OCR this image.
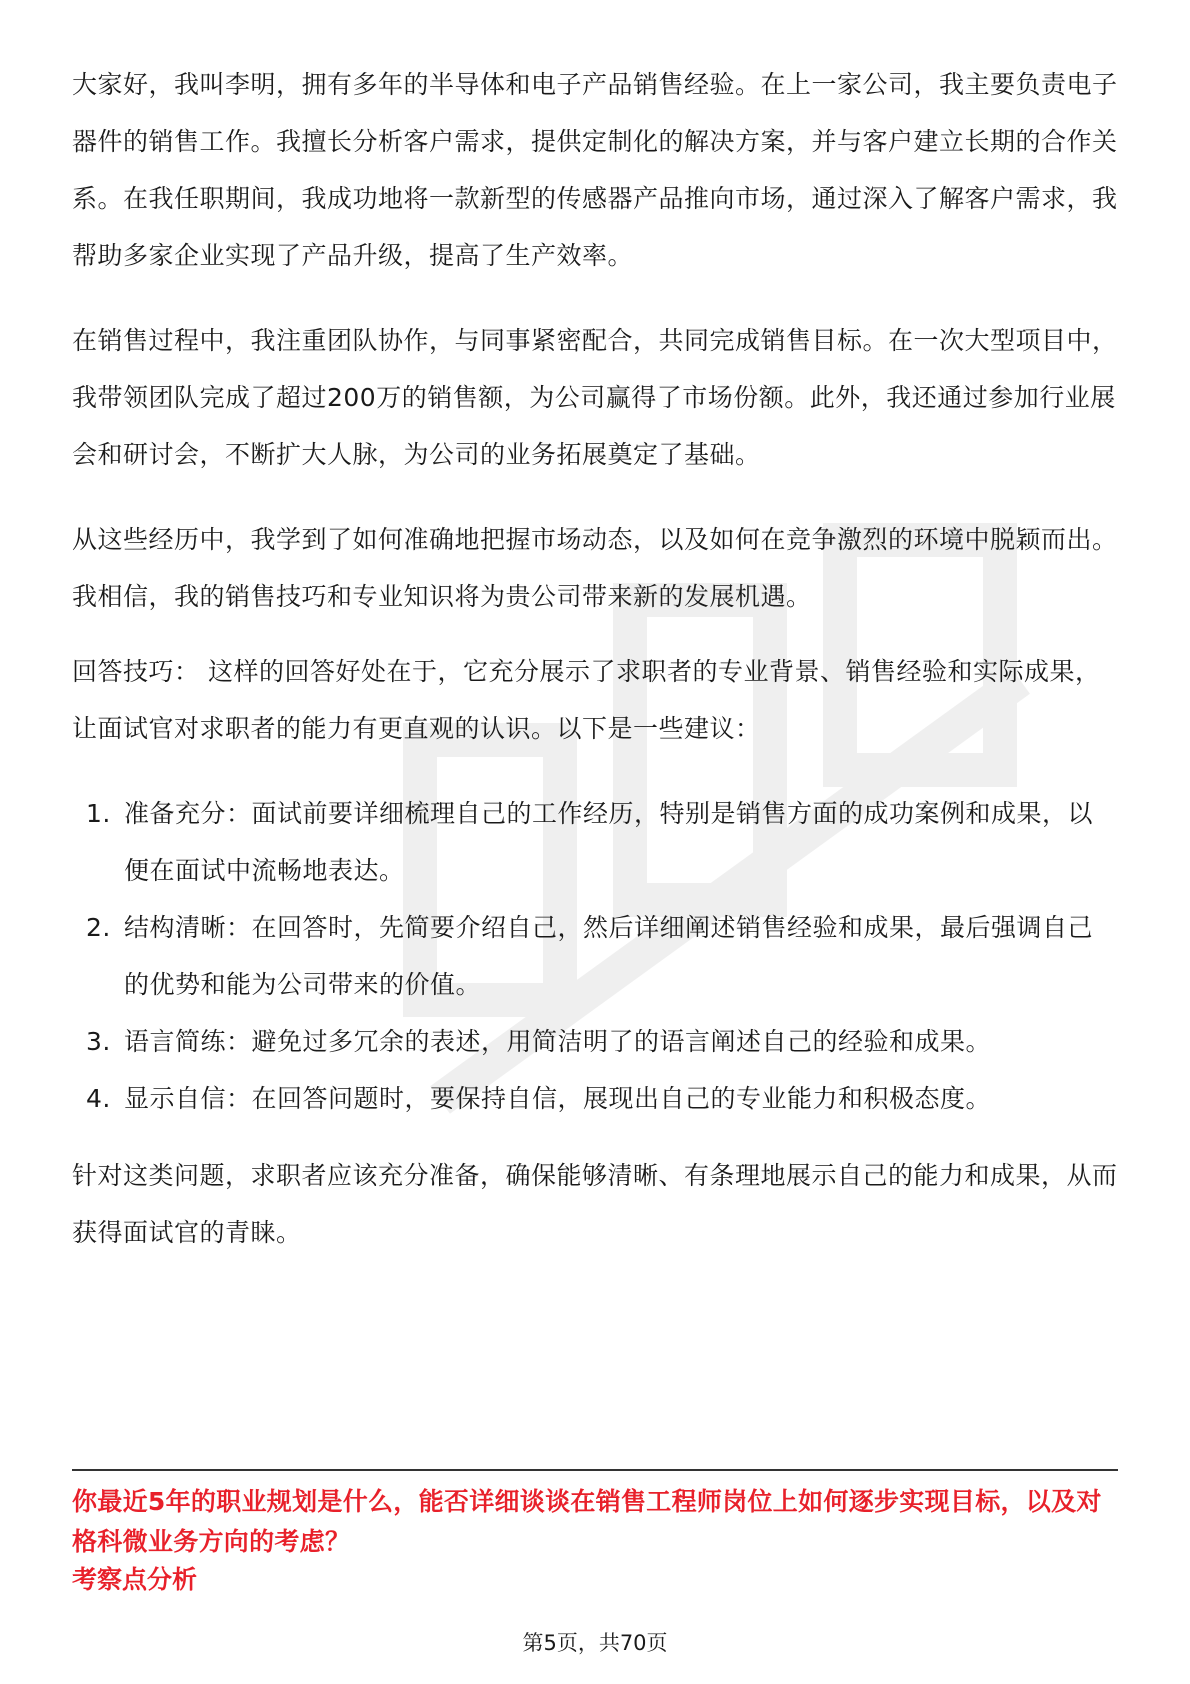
大家好，我叫李明，拥有多年的半导体和电子产品销售经验。在上一家公司，我主要负责电子器件的销售工作。我擅长分析客户需求，提供定制化的解决方案，并与客户建立长期的合作关系。在我任职期间，我成功地将一款新型的传感器产品推向市场，通过深入了解客户需求，我帮助多家企业实现了产品升级，提高了生产效率。

在销售过程中，我注重团队协作，与同事紧密配合，共同完成销售目标。在一次大型项目中，我带领团队完成了超过200万的销售额，为公司赢得了市场份额。此外，我还通过参加行业展会和研讨会，不断扩大人脉，为公司的业务拓展奠定了基础。

从这些经历中，我学到了如何准确地把握市场动态，以及如何在竞争激烈的环境中脱颖而出。我相信，我的销售技巧和专业知识将为贵公司带来新的发展机遇。

回答技巧： 这样的回答好处在于，它充分展示了求职者的专业背景、销售经验和实际成果，让面试官对求职者的能力有更直观的认识。以下是一些建议：

1. 准备充分：面试前要详细梳理自己的工作经历，特别是销售方面的成功案例和成果，以便在面试中流畅地表达。
2. 结构清晰：在回答时，先简要介绍自己，然后详细阐述销售经验和成果，最后强调自己的优势和能为公司带来的价值。
3. 语言简练：避免过多冗余的表述，用简洁明了的语言阐述自己的经验和成果。
4. 显示自信：在回答问题时，要保持自信，展现出自己的专业能力和积极态度。

针对这类问题，求职者应该充分准备，确保能够清晰、有条理地展示自己的能力和成果，从而获得面试官的青睐。

你最近5年的职业规划是什么，能否详细谈谈在销售工程师岗位上如何逐步实现目标，以及对格科微业务方向的考虑？
考察点分析
第5页，共70页
